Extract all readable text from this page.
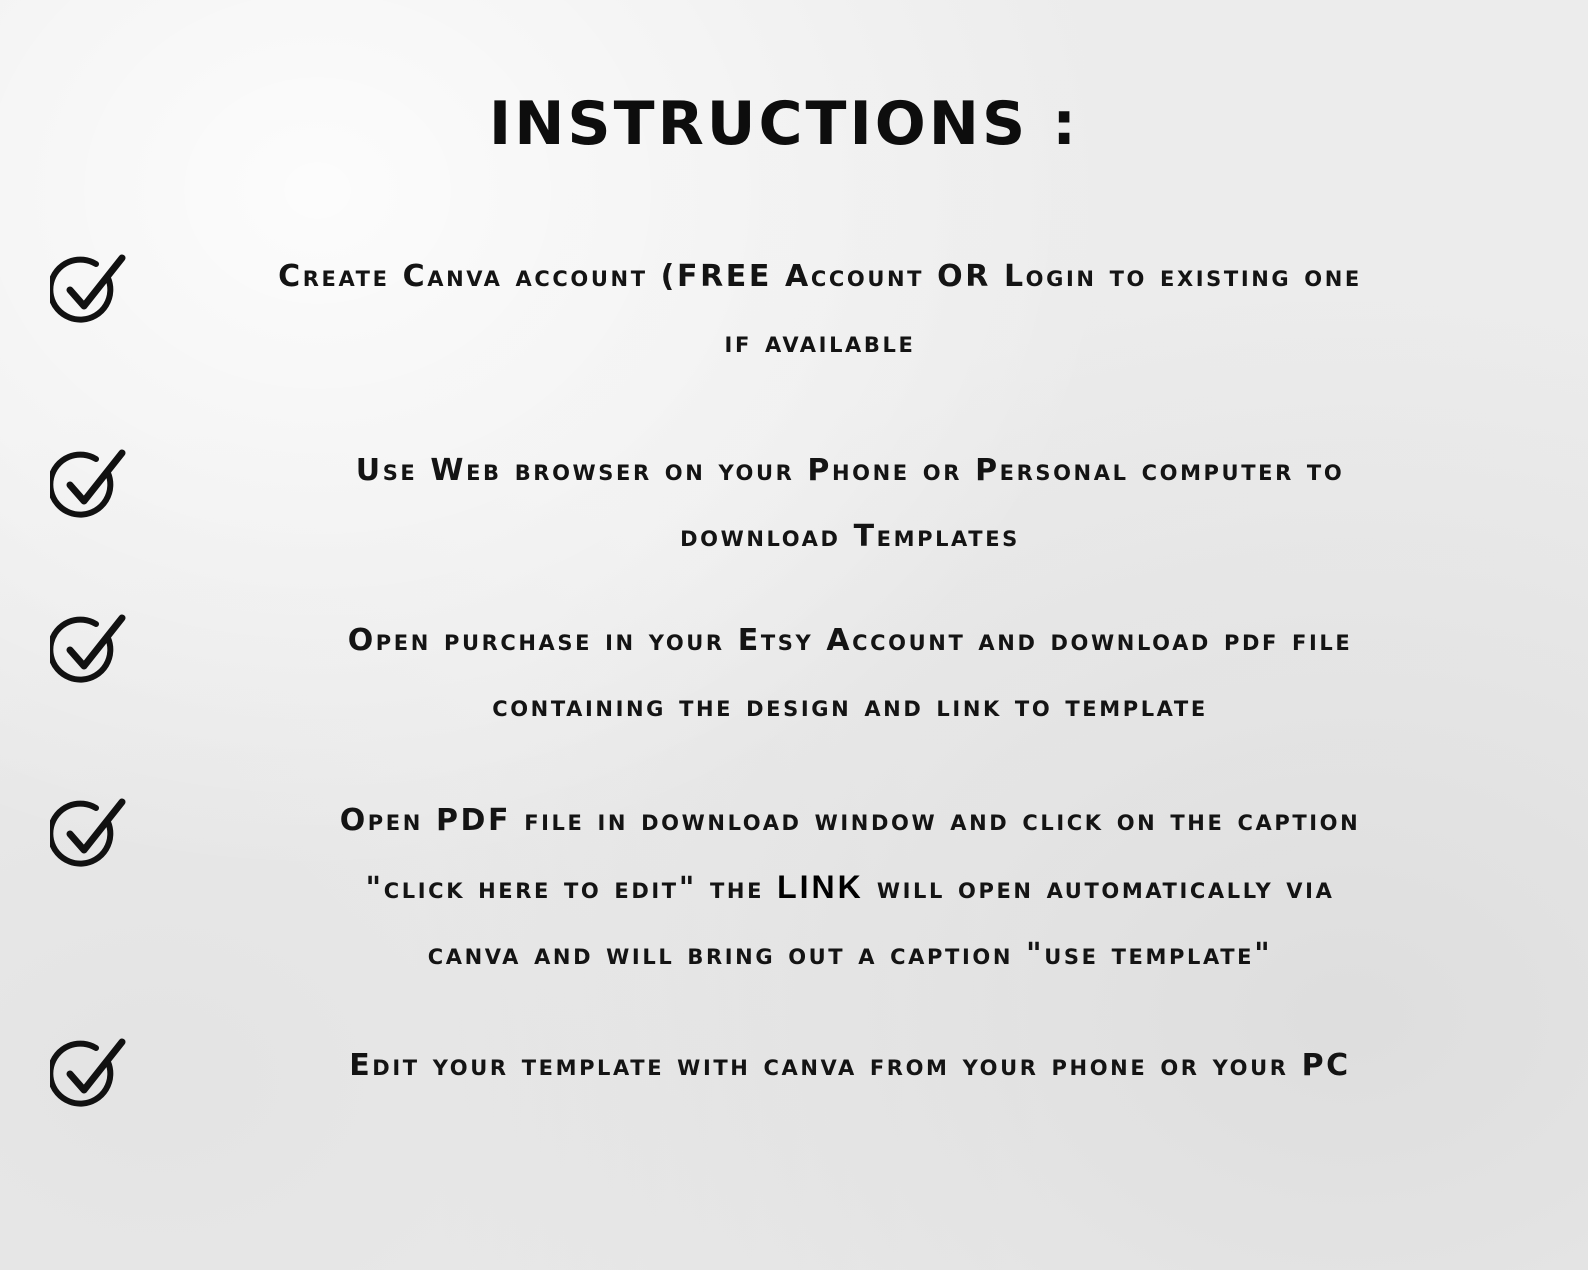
INSTRUCTIONS :
Create Canva account (FREE Account OR Login to existing one
if available
Use Web browser on your Phone or Personal computer to
download Templates
Open purchase in your Etsy Account and download pdf file
containing the design and link to template
Open PDF file in download window and click on the caption
"click here to edit" the LINK will open automatically via
canva and will bring out a caption "use template"
Edit your template with canva from your phone or your PC
